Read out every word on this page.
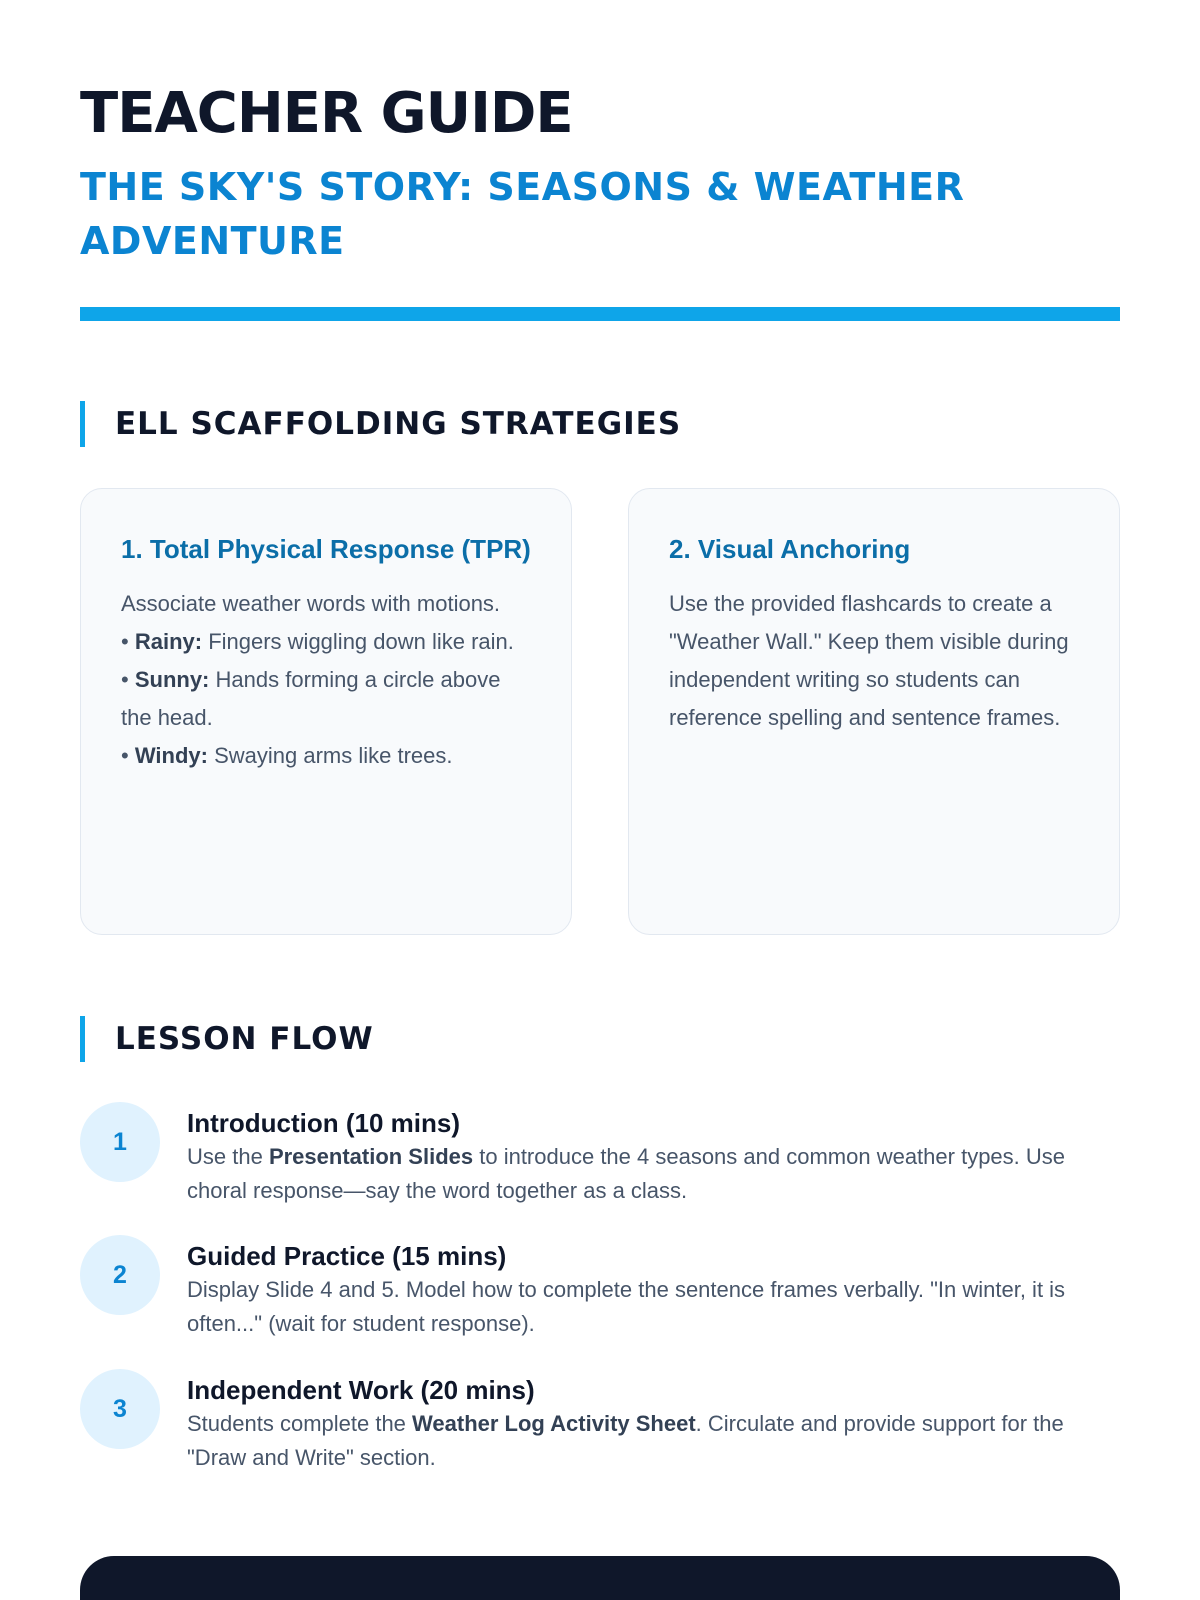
TEACHER GUIDE
THE SKY'S STORY: SEASONS & WEATHER ADVENTURE
ELL SCAFFOLDING STRATEGIES
1. Total Physical Response (TPR)
Associate weather words with motions.
• Rainy: Fingers wiggling down like rain.
• Sunny: Hands forming a circle above the head.
• Windy: Swaying arms like trees.
2. Visual Anchoring
Use the provided flashcards to create a "Weather Wall." Keep them visible during independent writing so students can reference spelling and sentence frames.
LESSON FLOW
1
Introduction (10 mins)
Use the Presentation Slides to introduce the 4 seasons and common weather types. Use choral response—say the word together as a class.
2
Guided Practice (15 mins)
Display Slide 4 and 5. Model how to complete the sentence frames verbally. "In winter, it is often..." (wait for student response).
3
Independent Work (20 mins)
Students complete the Weather Log Activity Sheet. Circulate and provide support for the "Draw and Write" section.
